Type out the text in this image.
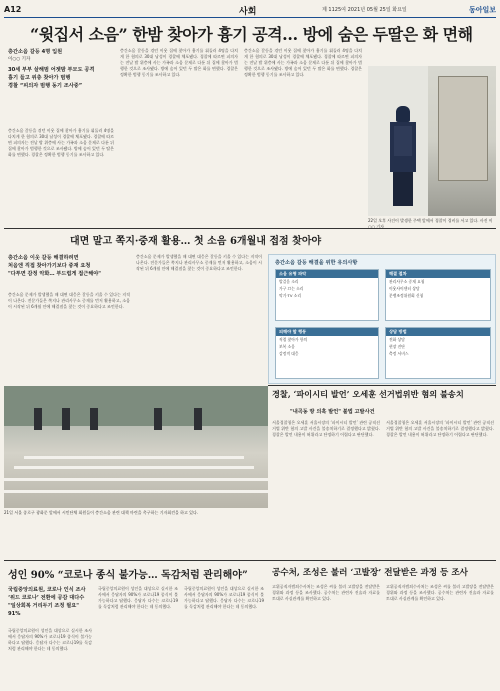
A12	사회	제 1125여 2021년 05월 25일 화요일	동아일보
“윗집서 소음” 한밤 찾아가 흉기 공격… 방에 숨은 두딸은 화 면해
층간소음 갈등 4명 입원
이○○ 기자
30세 부부 살해범 어젯밤 부모도 공격
흉기 들고 위층 찾아가 범행
경찰 “피의자 범행 동기 조사중”
층간소음 갈등을 겪던 이웃 집에 찾아가 흉기를 휘둘러 4명을 다치게 한 혐의로 30대 남성이 경찰에 체포됐다. 경찰에 따르면 피의자는 전날 밤 위층에 사는 가족과 소음 문제로 다툰 뒤 집에 찾아가 범행한 것으로 조사됐다. 방에 숨어 있던 두 딸은 화를 면했다. 경찰은 정확한 범행 동기를 조사하고 있다.
층간소음 갈등을 겪던 이웃 집에 찾아가 흉기를 휘둘러 4명을 다치게 한 혐의로 30대 남성이 경찰에 체포됐다. 경찰에 따르면 피의자는 전날 밤 위층에 사는 가족과 소음 문제로 다툰 뒤 집에 찾아가 범행한 것으로 조사됐다. 방에 숨어 있던 두 딸은 화를 면했다. 경찰은 정확한 범행 동기를 조사하고 있다.
층간소음 갈등을 겪던 이웃 집에 찾아가 흉기를 휘둘러 4명을 다치게 한 혐의로 30대 남성이 경찰에 체포됐다. 경찰에 따르면 피의자는 전날 밤 위층에 사는 가족과 소음 문제로 다툰 뒤 집에 찾아가 범행한 것으로 조사됐다. 방에 숨어 있던 두 딸은 화를 면했다. 경찰은 정확한 범행 동기를 조사하고 있다.
22일 오후 사건이 발생한 주택 앞에서 경찰이 경비를 서고 있다. 사진 이○○ 기자
대면 말고 쪽지·중재 활용… 첫 소음 6개월내 접점 찾아야
층간소음 이웃 갈등 해결하려면
처음엔 직접 찾아가기보다 중재 요청
"다투면 감정 악화… 부드럽게 접근해야"
층간소음 문제가 발생했을 때 대면 대응은 갈등을 키울 수 있다는 지적이 나온다. 전문가들은 쪽지나 관리사무소 중재를 먼저 활용하고, 소음이 시작된 뒤 6개월 안에 해결점을 찾는 것이 중요하다고 조언한다.
층간소음 문제가 발생했을 때 대면 대응은 갈등을 키울 수 있다는 지적이 나온다. 전문가들은 쪽지나 관리사무소 중재를 먼저 활용하고, 소음이 시작된 뒤 6개월 안에 해결점을 찾는 것이 중요하다고 조언한다.
층간소음 갈등 해결을 위한 유의사항
소음 유형 파악
발걸음 소리
가구 끄는 소리
악기·TV 소리
해결 절차
관리사무소 중재 요청
이웃사이센터 상담
분쟁조정위원회 신청
피해야 할 행동
직접 찾아가 항의
보복 소음
감정적 대응
상담 방법
전화 상담
현장 진단
측정 서비스
21일 서울 종로구 광화문 앞에서 시민단체 회원들이 층간소음 관련 대책 마련을 촉구하는 기자회견을 하고 있다.
경찰, ‘파이시티 발언’ 오세훈 선거법위반 혐의 불송치
"내곡동 땅 의혹 발언" 불법 고발사건
서울경찰청은 오세훈 서울시장의 ‘파이시티 발언’ 관련 공직선거법 위반 혐의 고발 사건을 불송치하기로 결정했다고 밝혔다. 경찰은 발언 내용이 허위라고 단정하기 어렵다고 판단했다.
서울경찰청은 오세훈 서울시장의 ‘파이시티 발언’ 관련 공직선거법 위반 혐의 고발 사건을 불송치하기로 결정했다고 밝혔다. 경찰은 발언 내용이 허위라고 단정하기 어렵다고 판단했다.
성인 90% “코로나 종식 불가능… 독감처럼 관리해야”
국립중앙의료원, 코로나 인식 조사
‘위드 코로나’ 전환에 공감 대다수
"일상회복 거리두기 조정 필요" 91%
국립중앙의료원이 성인을 대상으로 실시한 조사에서 응답자의 90%가 코로나19 종식이 불가능하다고 답했다. 응답자 다수는 코로나19를 독감처럼 관리해야 한다는 데 동의했다.
국립중앙의료원이 성인을 대상으로 실시한 조사에서 응답자의 90%가 코로나19 종식이 불가능하다고 답했다. 응답자 다수는 코로나19를 독감처럼 관리해야 한다는 데 동의했다.
국립중앙의료원이 성인을 대상으로 실시한 조사에서 응답자의 90%가 코로나19 종식이 불가능하다고 답했다. 응답자 다수는 코로나19를 독감처럼 관리해야 한다는 데 동의했다.
공수처, 조성은 불러 ‘고발장’ 전달받은 과정 등 조사
고위공직자범죄수사처는 조성은 씨를 불러 고발장을 전달받은 경위와 과정 등을 조사했다. 공수처는 관련자 진술과 자료를 토대로 사실관계를 확인하고 있다.
고위공직자범죄수사처는 조성은 씨를 불러 고발장을 전달받은 경위와 과정 등을 조사했다. 공수처는 관련자 진술과 자료를 토대로 사실관계를 확인하고 있다.
